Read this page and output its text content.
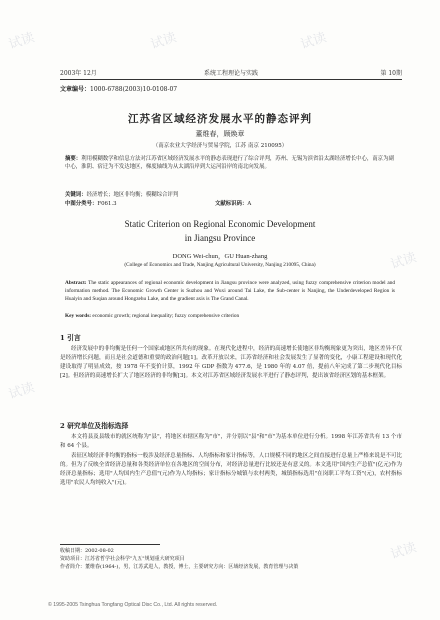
试读	试读	试读
试读
试读
试读
2003年 12月	系统工程理论与实践	第 10期
文章编号：1000-6788(2003)10-0108-07
江苏省区域经济发展水平的静态评判
董维春，顾焕章
（南京农业大学经济与贸易学院，江苏 南京 210095）
摘要：利用模糊数学和信息方法对江苏省区域经济发展水平的静态表现进行了综合评判，苏州、无锡为滨省沿太湖经济增长中心，南京为副中心，淮阴、宿迁为不发达地区，梯度轴线为从太湖沿岸到大运河沿岸的南北向发展。
关键词：经济增长；地区非均衡；模糊综合评判
中图分类号：F061.3	文献标识码：A
Static Criterion on Regional Economic Development
in Jiangsu Province
DONG Wei-chun，GU Huan-zhang
(College of Economics and Trade, Nanjing Agricultural University, Nanjing 210095, China)
Abstract: The static appearances of regional economic development in Jiangsu province were analyzed, using fuzzy comprehensive criterion model and information method. The Economic Growth Center is Suzhou and Wuxi around Tai Lake, the Sub-center is Nanjing, the Underdeveloped Region is Huaiyin and Suqian around Hongzehu Lake, and the gradient axis is The Grand Canal.
Key words: economic growth; regional inequality; fuzzy comprehensive criterion
1 引言
经济发展中的非均衡是任何一个国家或地区所共有的现象。在现代化进程中，经济的高速增长使地区非均衡现象更为突出，地区差异不仅是经济增长问题，而且是社会道德和重要的政治问题[1]。改革开放以来，江苏省经济和社会发展发生了显著的变化，小康工程建设和现代化建设取得了明显成效，按 1978 年不变价计算，1992 年 GDP 指数为 477.6，是 1980 年的 4.07 倍，提前八年完成了第二步现代化目标[2]。但经济的高速增长扩大了地区经济的非均衡[3]。本文对江苏省区域经济发展水平进行了静态评判，提出该省经济区划的基本框架。
2 研究单位及指标选择
本文将县及县级市的就区统称为"县"，将地区市辖区称为"市"，并分别以"县"和"市"为基本单位进行分析。1998 年江苏省共有 13 个市和 64 个县。
表征区域经济非均衡的指标一般涉及经济总量指标、人均指标和家计指标等，人口规模不同的地区之间直接进行总量上严格来说是不可比的。但为了反映全省经济总量和各类经济单位在各地区的空间分布，对经济总量进行比较还是有意义的。本文选用"国内生产总值"(亿元)作为经济总量指标；选用"人均国内生产总值"(元)作为人均指标；家计指标分城镇与农村两类，城镇指标选用"在岗职工平均工资"(元)，农村指标选用"农民人均纯收入"(元)。
收稿日期：2002-08-02
资助项目：江苏省哲学社会科学"九五"规划重大研究项目
作者简介：董维春(1964-)，男，江苏武进人，教授，博士，主要研究方向：区域经济发展，教育管理与决策
© 1995-2005 Tsinghua Tongfang Optical Disc Co., Ltd. All rights reserved.
